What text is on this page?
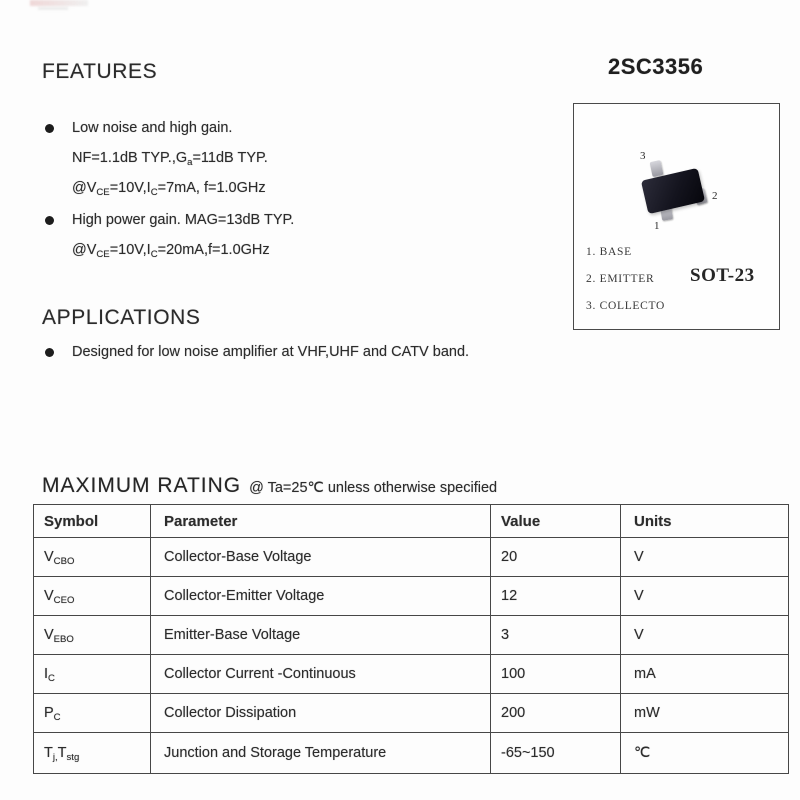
FEATURES	2SC3356
3
2
1
1. BASE
2. EMITTER
3. COLLECTO
SOT-23
Low noise and high gain.
NF=1.1dB $TYP.,G_a=11dB$ TYP.
$@V_{CE}=10V,I_C=7mA$, f=1.0GHz
High power gain. MAG=13dB TYP.
$@V_{CE}=10V,I_C=20mA,f=1.0GHz$
APPLICATIONS
Designed for low noise amplifier at VHF,UHF and CATV band.
MAXIMUM RATING @ Ta=25℃ unless otherwise specified
Symbol	Parameter	Value	Units
$V_{CBO}$	Collector-Base Voltage	20	V
$V_{CEO}$	Collector-Emitter Voltage	12	V
$V_{EBO}$	Emitter-Base Voltage	3	V
$I_C$	Collector Current -Continuous	100	mA
$P_C$	Collector Dissipation	200	mW
$T_{j,}T_{stg}$	Junction and Storage Temperature	-65~150	℃
